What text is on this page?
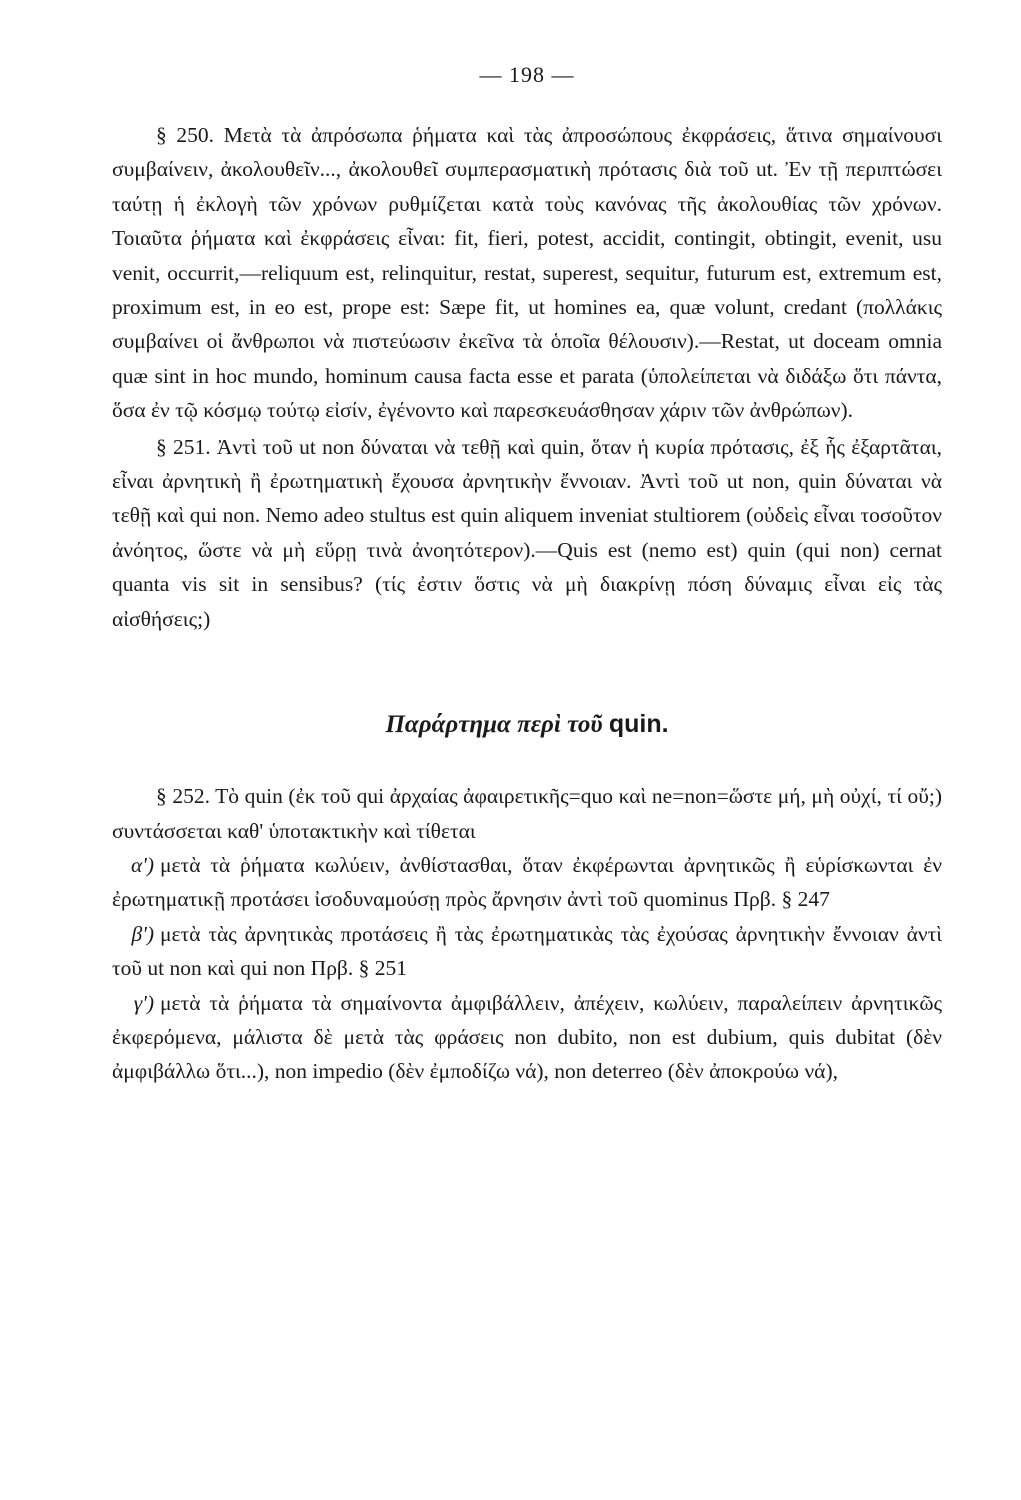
— 198 —

§ 250. Μετὰ τὰ ἀπρόσωπα ῥήματα καὶ τὰς ἀπροσώπους ἐκφράσεις, ἅτινα σημαίνουσι συμβαίνειν, ἀκολουθεῖν..., ἀκολουθεῖ συμπερασματικὴ πρότασις διὰ τοῦ ut. Ἐν τῇ περιπτώσει ταύτῃ ἡ ἐκλογὴ τῶν χρόνων ρυθμίζεται κατὰ τοὺς κανόνας τῆς ἀκολουθίας τῶν χρόνων. Τοιαῦτα ῥήματα καὶ ἐκφράσεις εἶναι: fit, fieri, potest, accidit, contingit, obtingit, evenit, usu venit, occurrit,—reliquum est, relinquitur, restat, superest, sequitur, futurum est, extremum est, proximum est, in eo est, prope est: Sæpe fit, ut homines ea, quæ volunt, credant (πολλάκις συμβαίνει οἱ ἄνθρωποι νὰ πιστεύωσιν ἐκεῖνα τὰ ὁποῖα θέλουσιν).—Restat, ut doceam omnia quæ sint in hoc mundo, hominum causa facta esse et parata (ὑπολείπεται νὰ διδάξω ὅτι πάντα, ὅσα ἐν τῷ κόσμῳ τούτῳ εἰσίν, ἐγένοντο καὶ παρεσκευάσθησαν χάριν τῶν ἀνθρώπων).

§ 251. Ἀντὶ τοῦ ut non δύναται νὰ τεθῇ καὶ quin, ὅταν ἡ κυρία πρότασις, ἐξ ἧς ἐξαρτᾶται, εἶναι ἀρνητικὴ ἢ ἐρωτηματικὴ ἔχουσα ἀρνητικὴν ἔννοιαν. Ἀντὶ τοῦ ut non, quin δύναται νὰ τεθῇ καὶ qui non. Nemo adeo stultus est quin aliquem inveniat stultiorem (οὐδεὶς εἶναι τοσοῦτον ἀνόητος, ὥστε νὰ μὴ εὕρῃ τινὰ ἀνοητότερον).—Quis est (nemo est) quin (qui non) cernat quanta vis sit in sensibus? (τίς ἐστιν ὅστις νὰ μὴ διακρίνῃ πόση δύναμις εἶναι εἰς τὰς αἰσθήσεις;)

Παράρτημα περὶ τοῦ quin.

§ 252. Τὸ quin (ἐκ τοῦ qui ἀρχαίας ἀφαιρετικῆς=quo καὶ ne=non=ὥστε μή, μὴ οὐχί, τί οὔ;) συντάσσεται καθ' ὑποτακτικὴν καὶ τίθεται

α') μετὰ τὰ ῥήματα κωλύειν, ἀνθίστασθαι, ὅταν ἐκφέρωνται ἀρνητικῶς ἢ εὑρίσκωνται ἐν ἐρωτηματικῇ προτάσει ἰσοδυναμούσῃ πρὸς ἄρνησιν ἀντὶ τοῦ quominus Πρβ. § 247

β') μετὰ τὰς ἀρνητικὰς προτάσεις ἢ τὰς ἐρωτηματικὰς τὰς ἐχούσας ἀρνητικὴν ἔννοιαν ἀντὶ τοῦ ut non καὶ qui non Πρβ. § 251

γ') μετὰ τὰ ῥήματα τὰ σημαίνοντα ἀμφιβάλλειν, ἀπέχειν, κωλύειν, παραλείπειν ἀρνητικῶς ἐκφερόμενα, μάλιστα δὲ μετὰ τὰς φράσεις non dubito, non est dubium, quis dubitat (δὲν ἀμφιβάλλω ὅτι...), non impedio (δὲν ἐμποδίζω νά), non deterreo (δὲν ἀποκρούω νά),
